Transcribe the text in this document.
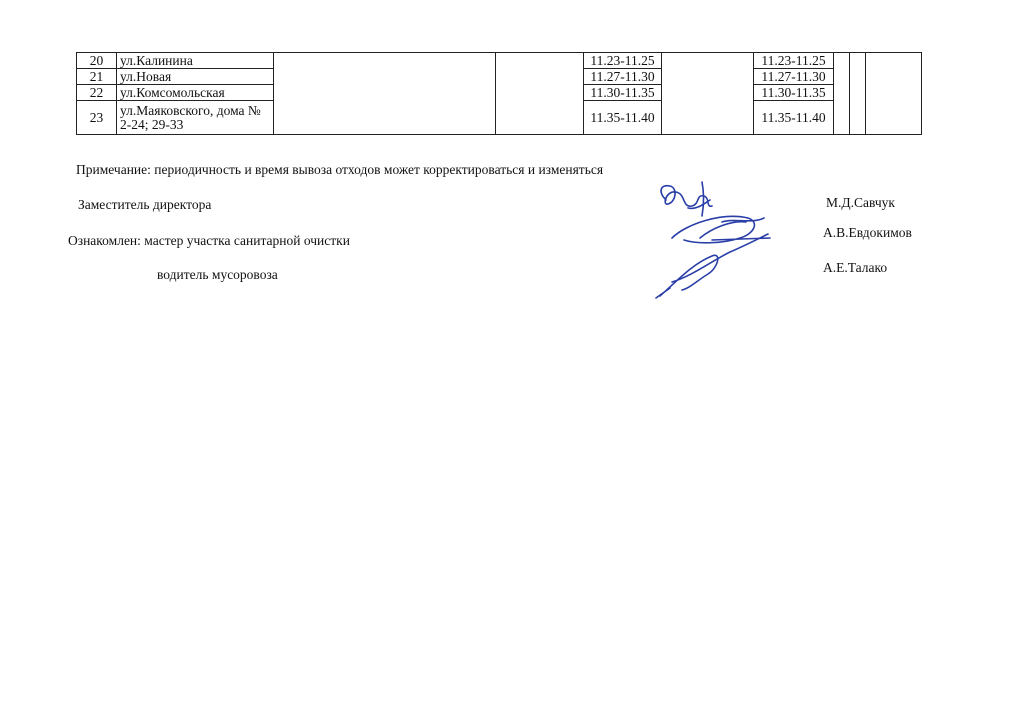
20	ул.Калинина			11.23-11.25		11.23-11.25			
21	ул.Новая			11.27-11.30		11.27-11.30			
22	ул.Комсомольская			11.30-11.35		11.30-11.35			
23	ул.Маяковского, дома № 2-24; 29-33			11.35-11.40		11.35-11.40			
Примечание: периодичность и время вывоза отходов может корректироваться и изменяться
Заместитель директора
Ознакомлен: мастер участка санитарной очистки
водитель мусоровоза
М.Д.Савчук
А.В.Евдокимов
А.Е.Талако
